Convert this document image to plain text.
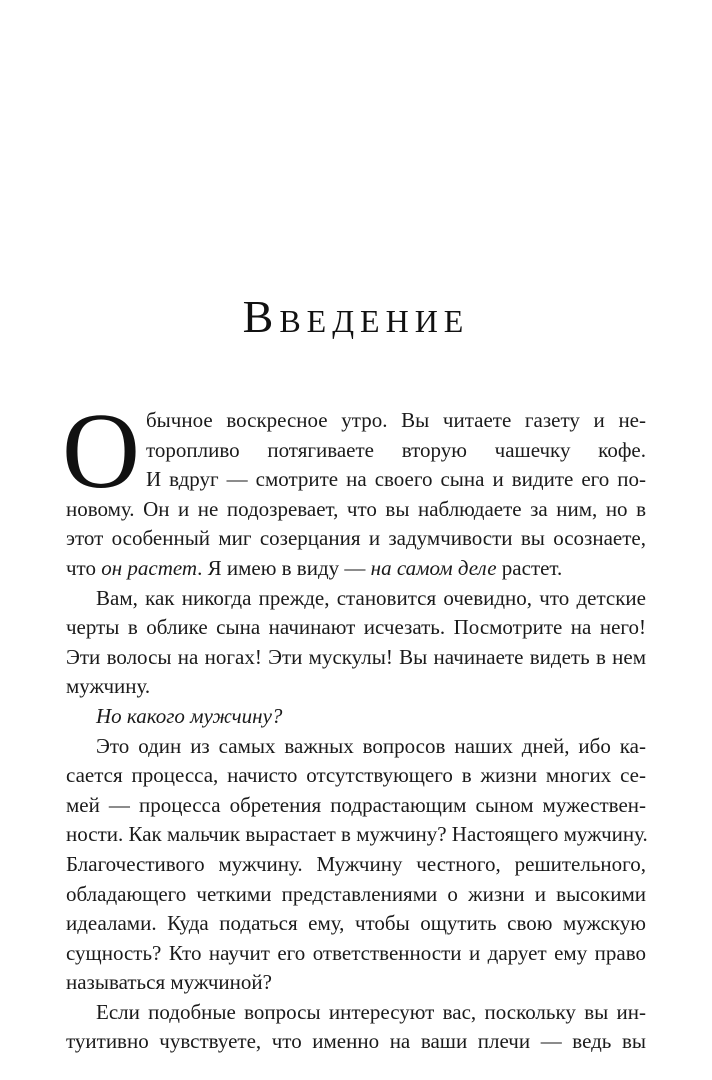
Введение
О бычное воскресное утро. Вы читаете газету и не-
торопливо потягиваете вторую чашечку кофе.
И вдруг — смотрите на своего сына и видите его по-
новому. Он и не подозревает, что вы наблюдаете за ним, но в
этот особенный миг созерцания и задумчивости вы осознаете,
что он растет. Я имею в виду — на самом деле растет.
Вам, как никогда прежде, становится очевидно, что детские
черты в облике сына начинают исчезать. Посмотрите на него!
Эти волосы на ногах! Эти мускулы! Вы начинаете видеть в нем
мужчину.
Но какого мужчину?
Это один из самых важных вопросов наших дней, ибо ка-
сается процесса, начисто отсутствующего в жизни многих се-
мей — процесса обретения подрастающим сыном мужествен-
ности. Как мальчик вырастает в мужчину? Настоящего мужчину.
Благочестивого мужчину. Мужчину честного, решительного,
обладающего четкими представлениями о жизни и высокими
идеалами. Куда податься ему, чтобы ощутить свою мужскую
сущность? Кто научит его ответственности и дарует ему право
называться мужчиной?
Если подобные вопросы интересуют вас, поскольку вы ин-
туитивно чувствуете, что именно на ваши плечи — ведь вы
